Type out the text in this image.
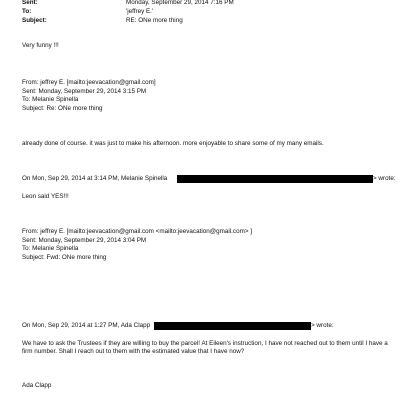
Sent:	Monday, September 29, 2014 7:16 PM
To:	'jeffrey E.'
Subject:	RE: ONe more thing
Very funny !!!
From: jeffrey E. [mailto:jeevacation@gmail.com]
Sent: Monday, September 29, 2014 3:15 PM
To: Melanie Spinella
Subject: Re: ONe more thing
already done of course. it was just to make his afternoon. more enjoyable to share some of my many emails.
On Mon, Sep 29, 2014 at 3:14 PM, Melanie Spinella	> wrote:
Leon said YES!!!
From: jeffrey E. [mailto:jeevacation@gmail.com <mailto:jeevacation@gmail.com> ]
Sent: Monday, September 29, 2014 3:04 PM
To: Melanie Spinella
Subject: Fwd: ONe more thing
On Mon, Sep 29, 2014 at 1:27 PM, Ada Clapp	> wrote:
We have to ask the Trustees if they are willing to buy the parcel! At Eileen's instruction, I have not reached out to them until I have a firm number. Shall I reach out to them with the estimated value that I have now?
Ada Clapp
